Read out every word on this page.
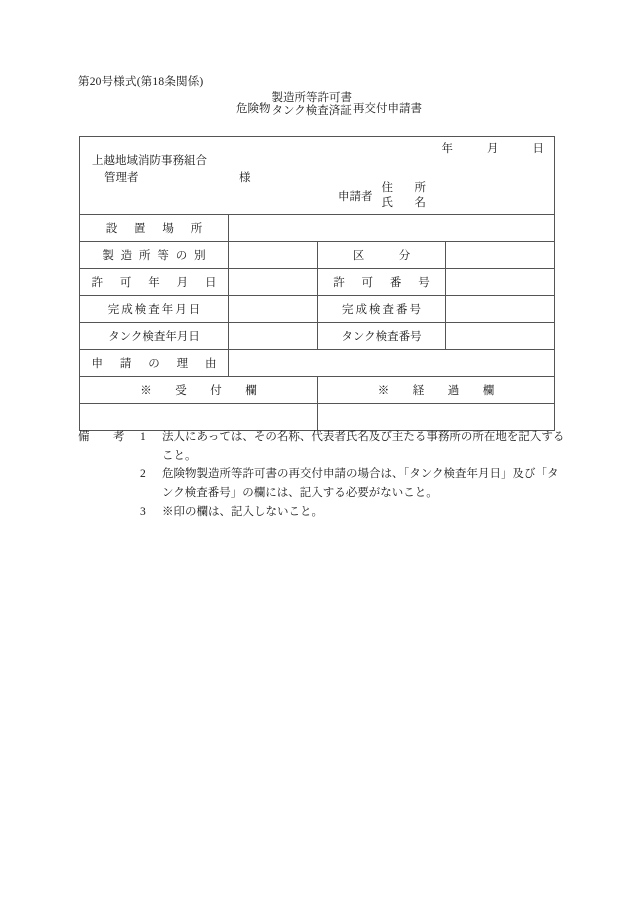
第20号様式(第18条関係)
危険物
製造所等許可書
タンク検査済証 再交付申請書
年	月	日
上越地域消防事務組合
管理者	様
申請者
住　所
氏　名

設 置 場 所			
製 造 所 等 の 別		区　　　分	
許 可 年 月 日		許 可 番 号	
完成検査年月日		完成検査番号	
タンク検査年月日		タンク検査番号	
申 請 の 理 由			
※　受　付　欄		※　経　過　欄	

備　考 1	法人にあっては、その名称、代表者氏名及び主たる事務所の所在地を記入すること。
2	危険物製造所等許可書の再交付申請の場合は、「タンク検査年月日」及び「タンク検査番号」の欄には、記入する必要がないこと。
3	※印の欄は、記入しないこと。
